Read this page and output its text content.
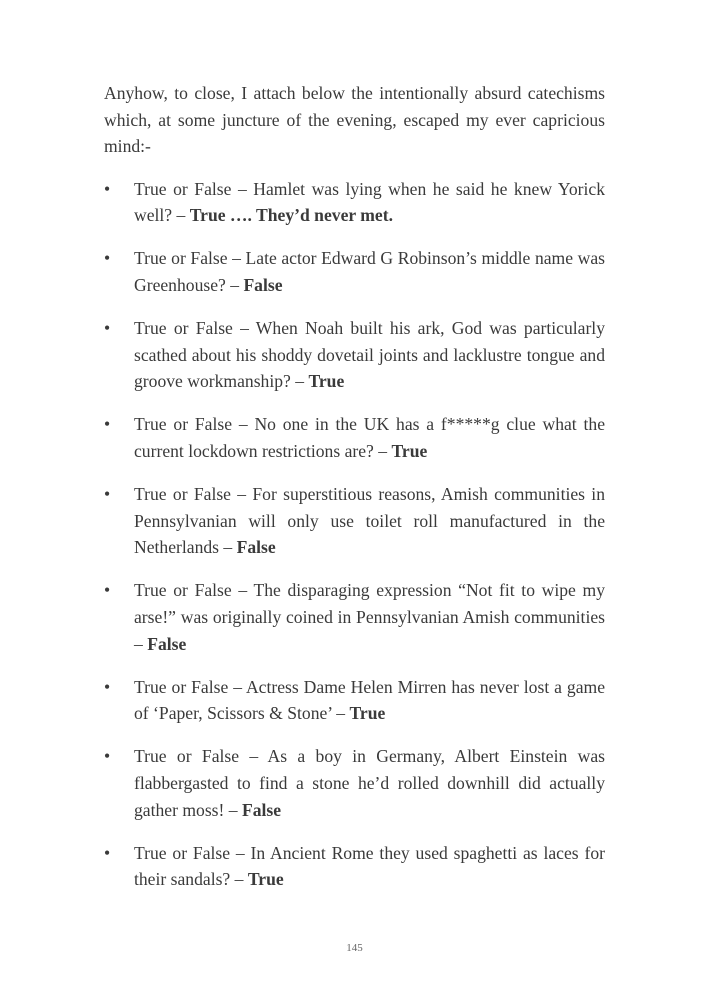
Anyhow, to close, I attach below the intentionally absurd catechisms which, at some juncture of the evening, escaped my ever capricious mind:-

• True or False – Hamlet was lying when he said he knew Yorick well? – True …. They’d never met.
• True or False – Late actor Edward G Robinson’s middle name was Greenhouse? – False
• True or False – When Noah built his ark, God was particularly scathed about his shoddy dovetail joints and lacklustre tongue and groove workmanship? – True
• True or False – No one in the UK has a f*****g clue what the current lockdown restrictions are? – True
• True or False – For superstitious reasons, Amish communities in Pennsylvanian will only use toilet roll manufactured in the Netherlands – False
• True or False – The disparaging expression “Not fit to wipe my arse!” was originally coined in Pennsylvanian Amish communities – False
• True or False – Actress Dame Helen Mirren has never lost a game of ‘Paper, Scissors & Stone’ – True
• True or False – As a boy in Germany, Albert Einstein was flabbergasted to find a stone he’d rolled downhill did actually gather moss! – False
• True or False – In Ancient Rome they used spaghetti as laces for their sandals? – True
145
